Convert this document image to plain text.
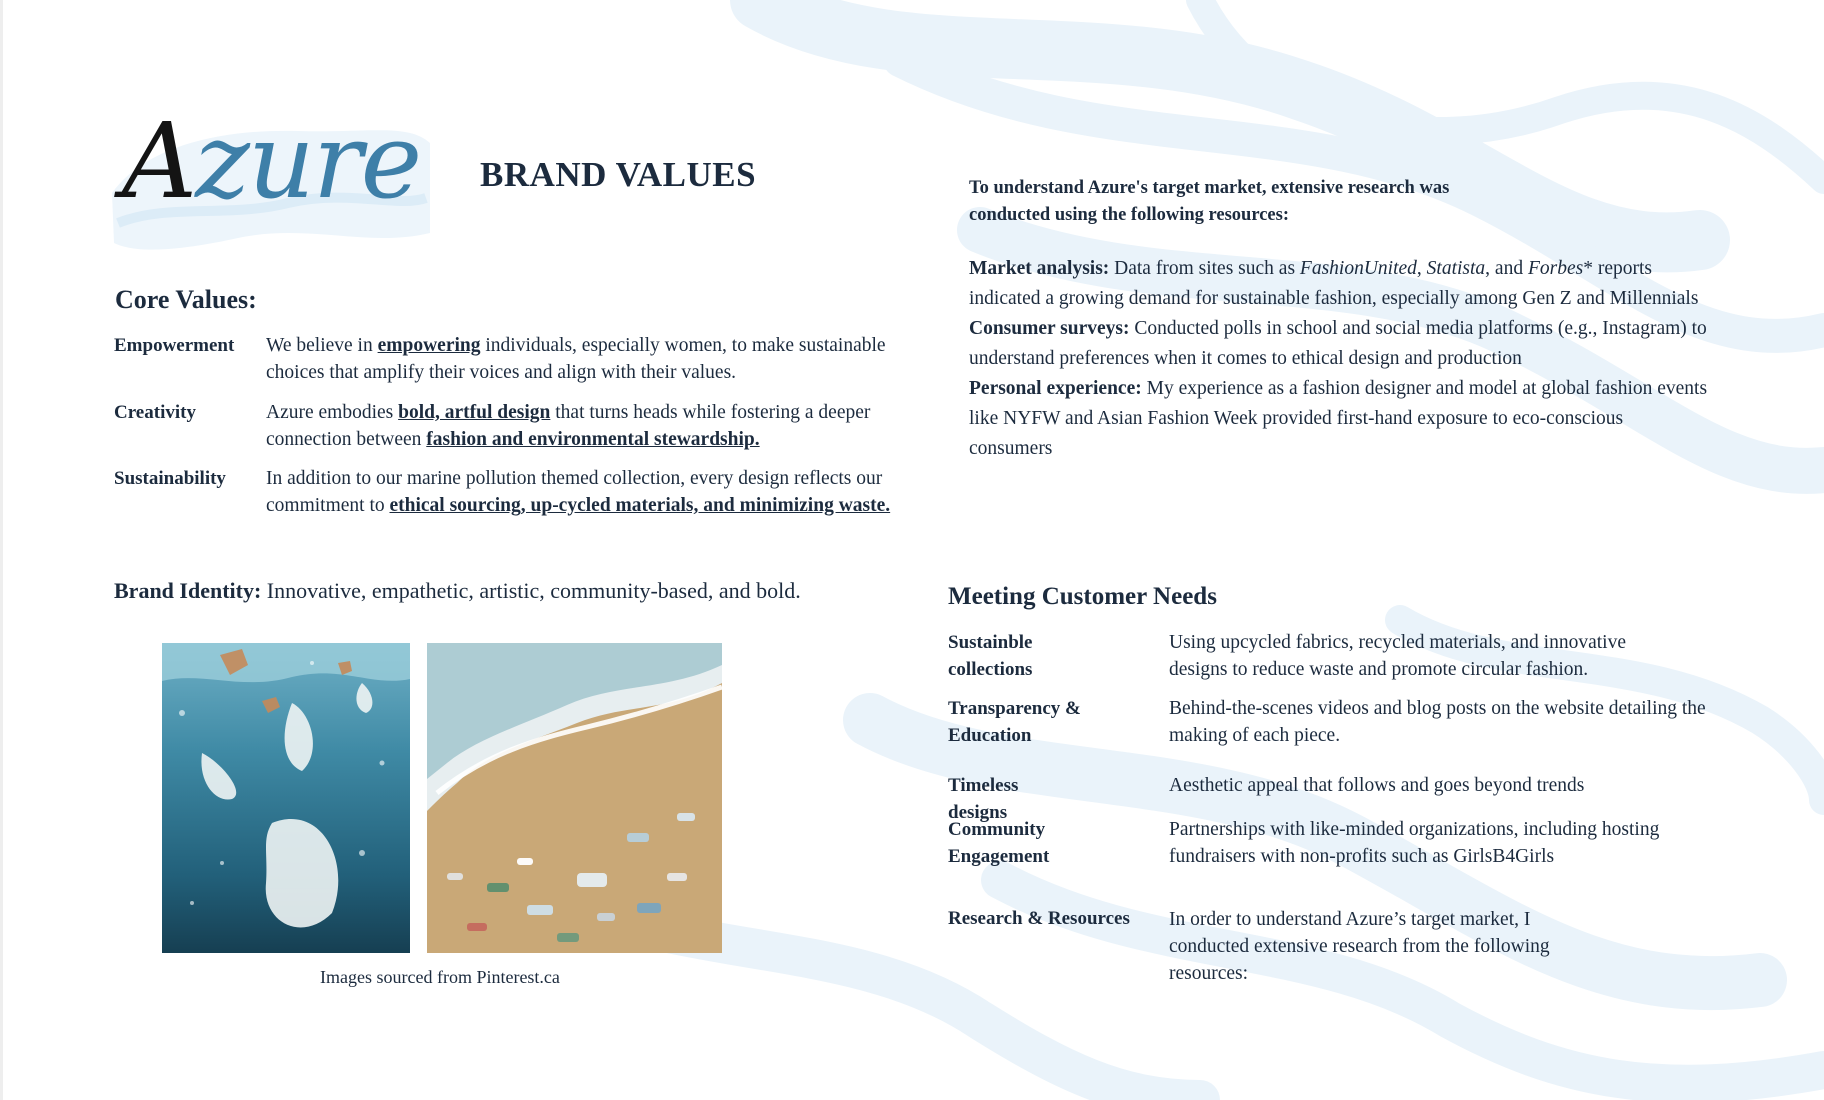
Azure BRAND VALUES
Core Values:
Empowerment We believe in empowering individuals, especially women, to make sustainable choices that amplify their voices and align with their values.
Creativity	Azure embodies bold, artful design that turns heads while fostering a deeper connection between fashion and environmental stewardship.
Sustainability In addition to our marine pollution themed collection, every design reflects our commitment to ethical sourcing, up-cycled materials, and minimizing waste.
Brand Identity: Innovative, empathetic, artistic, community-based, and bold.
Images sourced from Pinterest.ca

To understand Azure's target market, extensive research was conducted using the following resources:

Market analysis: Data from sites such as FashionUnited, Statista, and Forbes* reports indicated a growing demand for sustainable fashion, especially among Gen Z and Millennials

Consumer surveys: Conducted polls in school and social media platforms (e.g., Instagram) to understand preferences when it comes to ethical design and production

Personal experience: My experience as a fashion designer and model at global fashion events like NYFW and Asian Fashion Week provided first-hand exposure to eco-conscious consumers

Meeting Customer Needs
Sustainble collections
Using upcycled fabrics, recycled materials, and innovative designs to reduce waste and promote circular fashion.
Transparency & Education
Behind-the-scenes videos and blog posts on the website detailing the making of each piece.
Timeless designs
Aesthetic appeal that follows and goes beyond trends
Community Engagement
Partnerships with like-minded organizations, including hosting fundraisers with non-profits such as GirlsB4Girls
Research & Resources	In order to understand Azure’s target market, I conducted extensive research from the following resources:
